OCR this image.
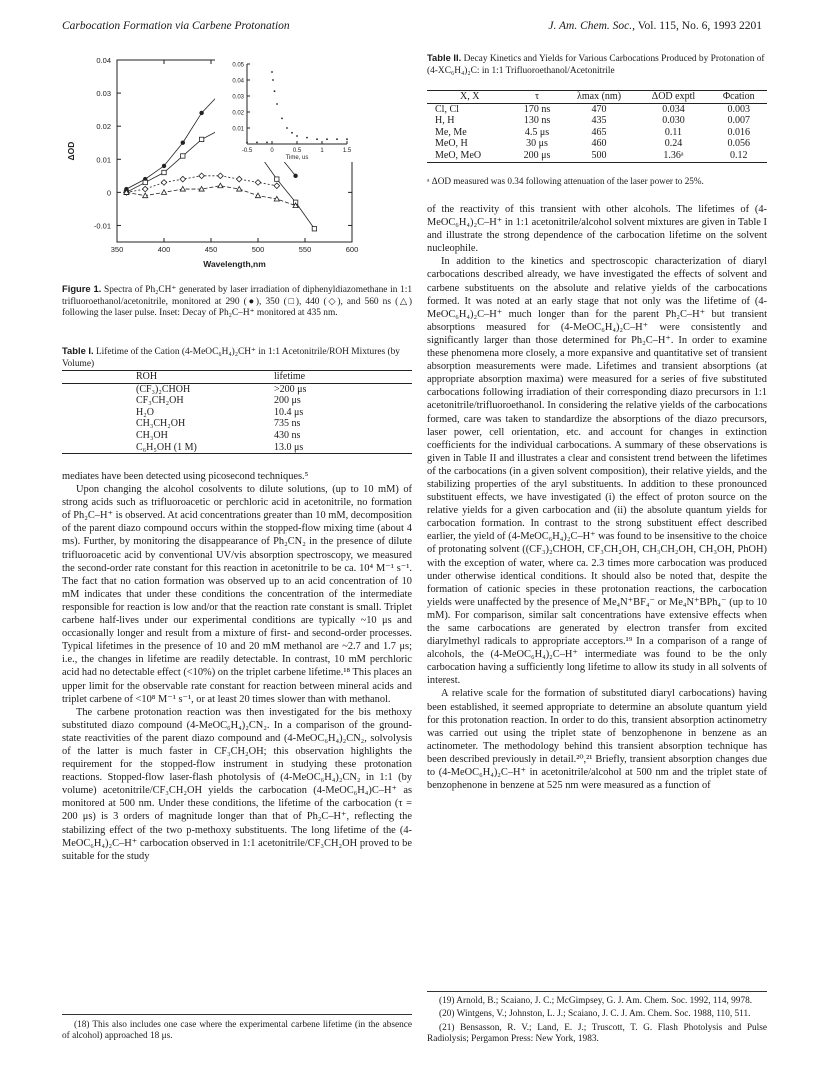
Carbocation Formation via Carbene Protonation	J. Am. Chem. Soc., Vol. 115, No. 6, 1993 2201
350	400	450	500	550	600
0.04
0.03
0.02
0.01
0
-0.01
Wavelength,nm
ΔOD
0.05
0.04
0.03
0.02
0.01
-0.5	0	0.5	1	1.5
Time, us
Figure 1. Spectra of Ph₂CH⁺ generated by laser irradiation of diphenyldiazomethane in 1:1 trifluoroethanol/acetonitrile, monitored at 290 (●), 350 (□), 440 (◇), and 560 ns (△) following the laser pulse. Inset: Decay of Ph₂C–H⁺ monitored at 435 nm.
Table I. Lifetime of the Cation (4-MeOC₆H₄)₂CH⁺ in 1:1 Acetonitrile/ROH Mixtures (by Volume)
ROH	lifetime
(CF₃)₂CHOH	>200 μs
CF₃CH₂OH	200 μs
H₂O	10.4 μs
CH₃CH₂OH	735 ns
CH₃OH	430 ns
C₆H₅OH (1 M)	13.0 μs

mediates have been detected using picosecond techniques.⁵

Upon changing the alcohol cosolvents to dilute solutions, (up to 10 mM) of strong acids such as trifluoroacetic or perchloric acid in acetonitrile, no formation of Ph₂C–H⁺ is observed. At acid concentrations greater than 10 mM, decomposition of the parent diazo compound occurs within the stopped-flow mixing time (about 4 ms). Further, by monitoring the disappearance of Ph₂CN₂ in the presence of dilute trifluoroacetic acid by conventional UV/vis absorption spectroscopy, we measured the second-order rate constant for this reaction in acetonitrile to be ca. 10⁴ M⁻¹ s⁻¹. The fact that no cation formation was observed up to an acid concentration of 10 mM indicates that under these conditions the concentration of the intermediate responsible for reaction is low and/or that the reaction rate constant is small. Triplet carbene half-lives under our experimental conditions are typically ~10 μs and occasionally longer and result from a mixture of first- and second-order processes. Typical lifetimes in the presence of 10 and 20 mM methanol are ~2.7 and 1.7 μs; i.e., the changes in lifetime are readily detectable. In contrast, 10 mM perchloric acid had no detectable effect (<10%) on the triplet carbene lifetime.¹⁸ This places an upper limit for the observable rate constant for reaction between mineral acids and triplet carbene of <10⁸ M⁻¹ s⁻¹, or at least 20 times slower than with methanol.

The carbene protonation reaction was then investigated for the bis methoxy substituted diazo compound (4-MeOC₆H₄)₂CN₂. In a comparison of the ground-state reactivities of the parent diazo compound and (4-MeOC₆H₄)₂CN₂, solvolysis of the latter is much faster in CF₃CH₂OH; this observation highlights the requirement for the stopped-flow instrument in studying these protonation reactions. Stopped-flow laser-flash photolysis of (4-MeOC₆H₄)₂CN₂ in 1:1 (by volume) acetonitrile/CF₃CH₂OH yields the carbocation (4-MeOC₆H₄)C–H⁺ as monitored at 500 nm. Under these conditions, the lifetime of the carbocation (τ = 200 μs) is 3 orders of magnitude longer than that of Ph₂C–H⁺, reflecting the stabilizing effect of the two p-methoxy substituents. The long lifetime of the (4-MeOC₆H₄)₂C–H⁺ carbocation observed in 1:1 acetonitrile/CF₃CH₂OH proved to be suitable for the study

(18) This also includes one case where the experimental carbene lifetime (in the absence of alcohol) approached 18 μs.

Table II. Decay Kinetics and Yields for Various Carbocations Produced by Protonation of (4-XC₆H₄)₂C: in 1:1 Trifluoroethanol/Acetonitrile
X, X	τ	λmax (nm)	ΔOD exptl	Φcation
Cl, Cl	170 ns	470	0.034	0.003
H, H	130 ns	435	0.030	0.007
Me, Me	4.5 μs	465	0.11	0.016
MeO, H	30 μs	460	0.24	0.056
MeO, MeO	200 μs	500	1.36ᵃ	0.12
ᵃ ΔOD measured was 0.34 following attenuation of the laser power to 25%.

of the reactivity of this transient with other alcohols. The lifetimes of (4-MeOC₆H₄)₂C–H⁺ in 1:1 acetonitrile/alcohol solvent mixtures are given in Table I and illustrate the strong dependence of the carbocation lifetime on the solvent nucleophile.

In addition to the kinetics and spectroscopic characterization of diaryl carbocations described already, we have investigated the effects of solvent and carbene substituents on the absolute and relative yields of the carbocations formed. It was noted at an early stage that not only was the lifetime of (4-MeOC₆H₄)₂C–H⁺ much longer than for the parent Ph₂C–H⁺ but transient absorptions measured for (4-MeOC₆H₄)₂C–H⁺ were consistently and significantly larger than those determined for Ph₂C–H⁺. In order to examine these phenomena more closely, a more expansive and quantitative set of transient absorption measurements were made. Lifetimes and transient absorptions (at appropriate absorption maxima) were measured for a series of five substituted carbocations following irradiation of their corresponding diazo precursors in 1:1 acetonitrile/trifluoroethanol. In considering the relative yields of the carbocations formed, care was taken to standardize the absorptions of the diazo precursors, laser power, cell orientation, etc. and account for changes in extinction coefficients for the individual carbocations. A summary of these observations is given in Table II and illustrates a clear and consistent trend between the lifetimes of the carbocations (in a given solvent composition), their relative yields, and the stabilizing properties of the aryl substituents. In addition to these pronounced substituent effects, we have investigated (i) the effect of proton source on the relative yields for a given carbocation and (ii) the absolute quantum yields for carbocation formation. In contrast to the strong substituent effect described earlier, the yield of (4-MeOC₆H₄)₂C–H⁺ was found to be insensitive to the choice of protonating solvent ((CF₃)₂CHOH, CF₃CH₂OH, CH₃CH₂OH, CH₃OH, PhOH) with the exception of water, where ca. 2.3 times more carbocation was produced under otherwise identical conditions. It should also be noted that, despite the formation of cationic species in these protonation reactions, the carbocation yields were unaffected by the presence of Me₄N⁺BF₄⁻ or Me₄N⁺BPh₄⁻ (up to 10 mM). For comparison, similar salt concentrations have extensive effects when the same carbocations are generated by electron transfer from excited diarylmethyl radicals to appropriate acceptors.¹⁹ In a comparison of a range of alcohols, the (4-MeOC₆H₄)₂C–H⁺ intermediate was found to be the only carbocation having a sufficiently long lifetime to allow its study in all solvents of interest.

A relative scale for the formation of substituted diaryl carbocations) having been established, it seemed appropriate to determine an absolute quantum yield for this protonation reaction. In order to do this, transient absorption actinometry was carried out using the triplet state of benzophenone in benzene as an actinometer. The methodology behind this transient absorption technique has been described previously in detail.²⁰,²¹ Briefly, transient absorption changes due to (4-MeOC₆H₄)₂C–H⁺ in acetonitrile/alcohol at 500 nm and the triplet state of benzophenone in benzene at 525 nm were measured as a function of

(19) Arnold, B.; Scaiano, J. C.; McGimpsey, G. J. Am. Chem. Soc. 1992, 114, 9978.

(20) Wintgens, V.; Johnston, L. J.; Scaiano, J. C. J. Am. Chem. Soc. 1988, 110, 511.

(21) Bensasson, R. V.; Land, E. J.; Truscott, T. G. Flash Photolysis and Pulse Radiolysis; Pergamon Press: New York, 1983.
